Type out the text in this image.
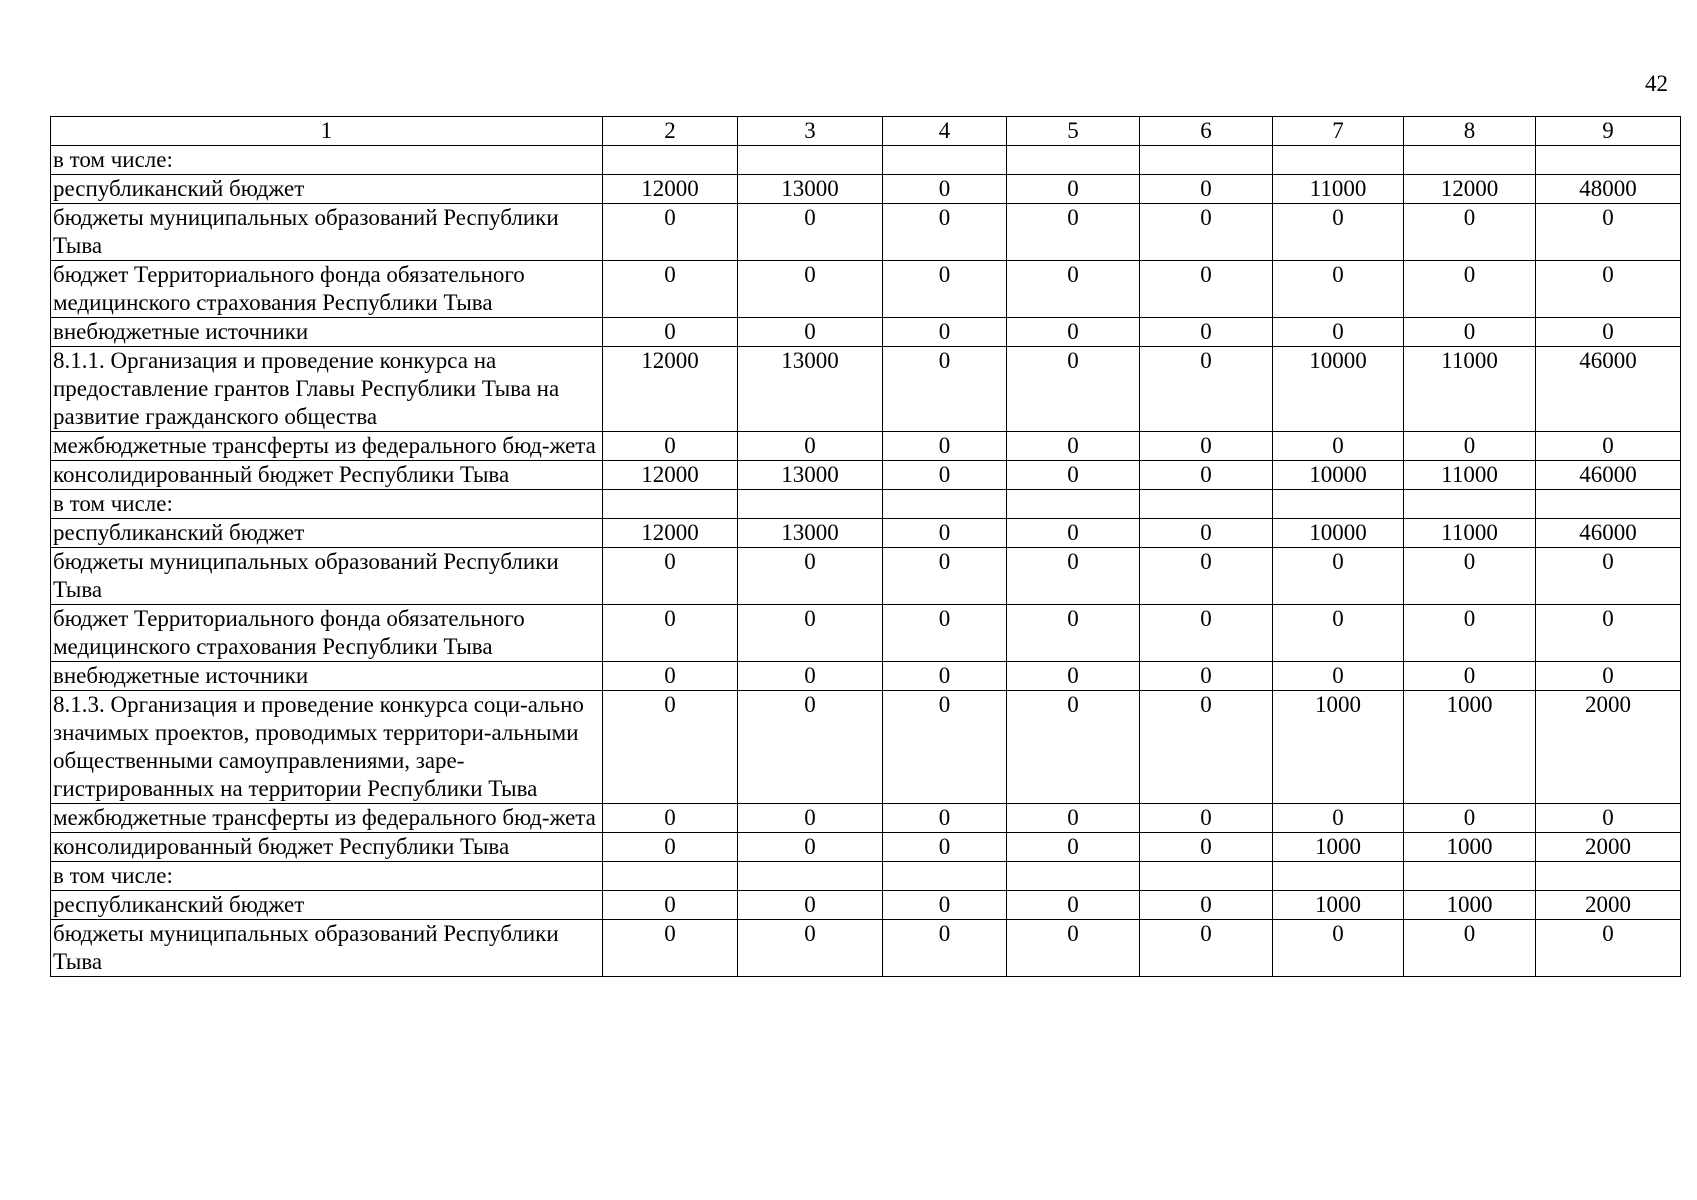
42
1	2	3	4	5	6	7	8	9
в том числе:								
республиканский бюджет	12000	13000	0	0	0	11000	12000	48000
бюджеты муниципальных образований Республики Тыва	0	0	0	0	0	0	0	0
бюджет Территориального фонда обязательного медицинского страхования Республики Тыва	0	0	0	0	0	0	0	0
внебюджетные источники	0	0	0	0	0	0	0	0
8.1.1. Организация и проведение конкурса на предоставление грантов Главы Республики Тыва на развитие гражданского общества	12000	13000	0	0	0	10000	11000	46000
межбюджетные трансферты из федерального бюд-жета	0	0	0	0	0	0	0	0
консолидированный бюджет Республики Тыва	12000	13000	0	0	0	10000	11000	46000
в том числе:								
республиканский бюджет	12000	13000	0	0	0	10000	11000	46000
бюджеты муниципальных образований Республики Тыва	0	0	0	0	0	0	0	0
бюджет Территориального фонда обязательного медицинского страхования Республики Тыва	0	0	0	0	0	0	0	0
внебюджетные источники	0	0	0	0	0	0	0	0
8.1.3. Организация и проведение конкурса соци-ально значимых проектов, проводимых территори-альными общественными самоуправлениями, заре-гистрированных на территории Республики Тыва	0	0	0	0	0	1000	1000	2000
межбюджетные трансферты из федерального бюд-жета	0	0	0	0	0	0	0	0
консолидированный бюджет Республики Тыва	0	0	0	0	0	1000	1000	2000
в том числе:								
республиканский бюджет	0	0	0	0	0	1000	1000	2000
бюджеты муниципальных образований Республики Тыва	0	0	0	0	0	0	0	0
